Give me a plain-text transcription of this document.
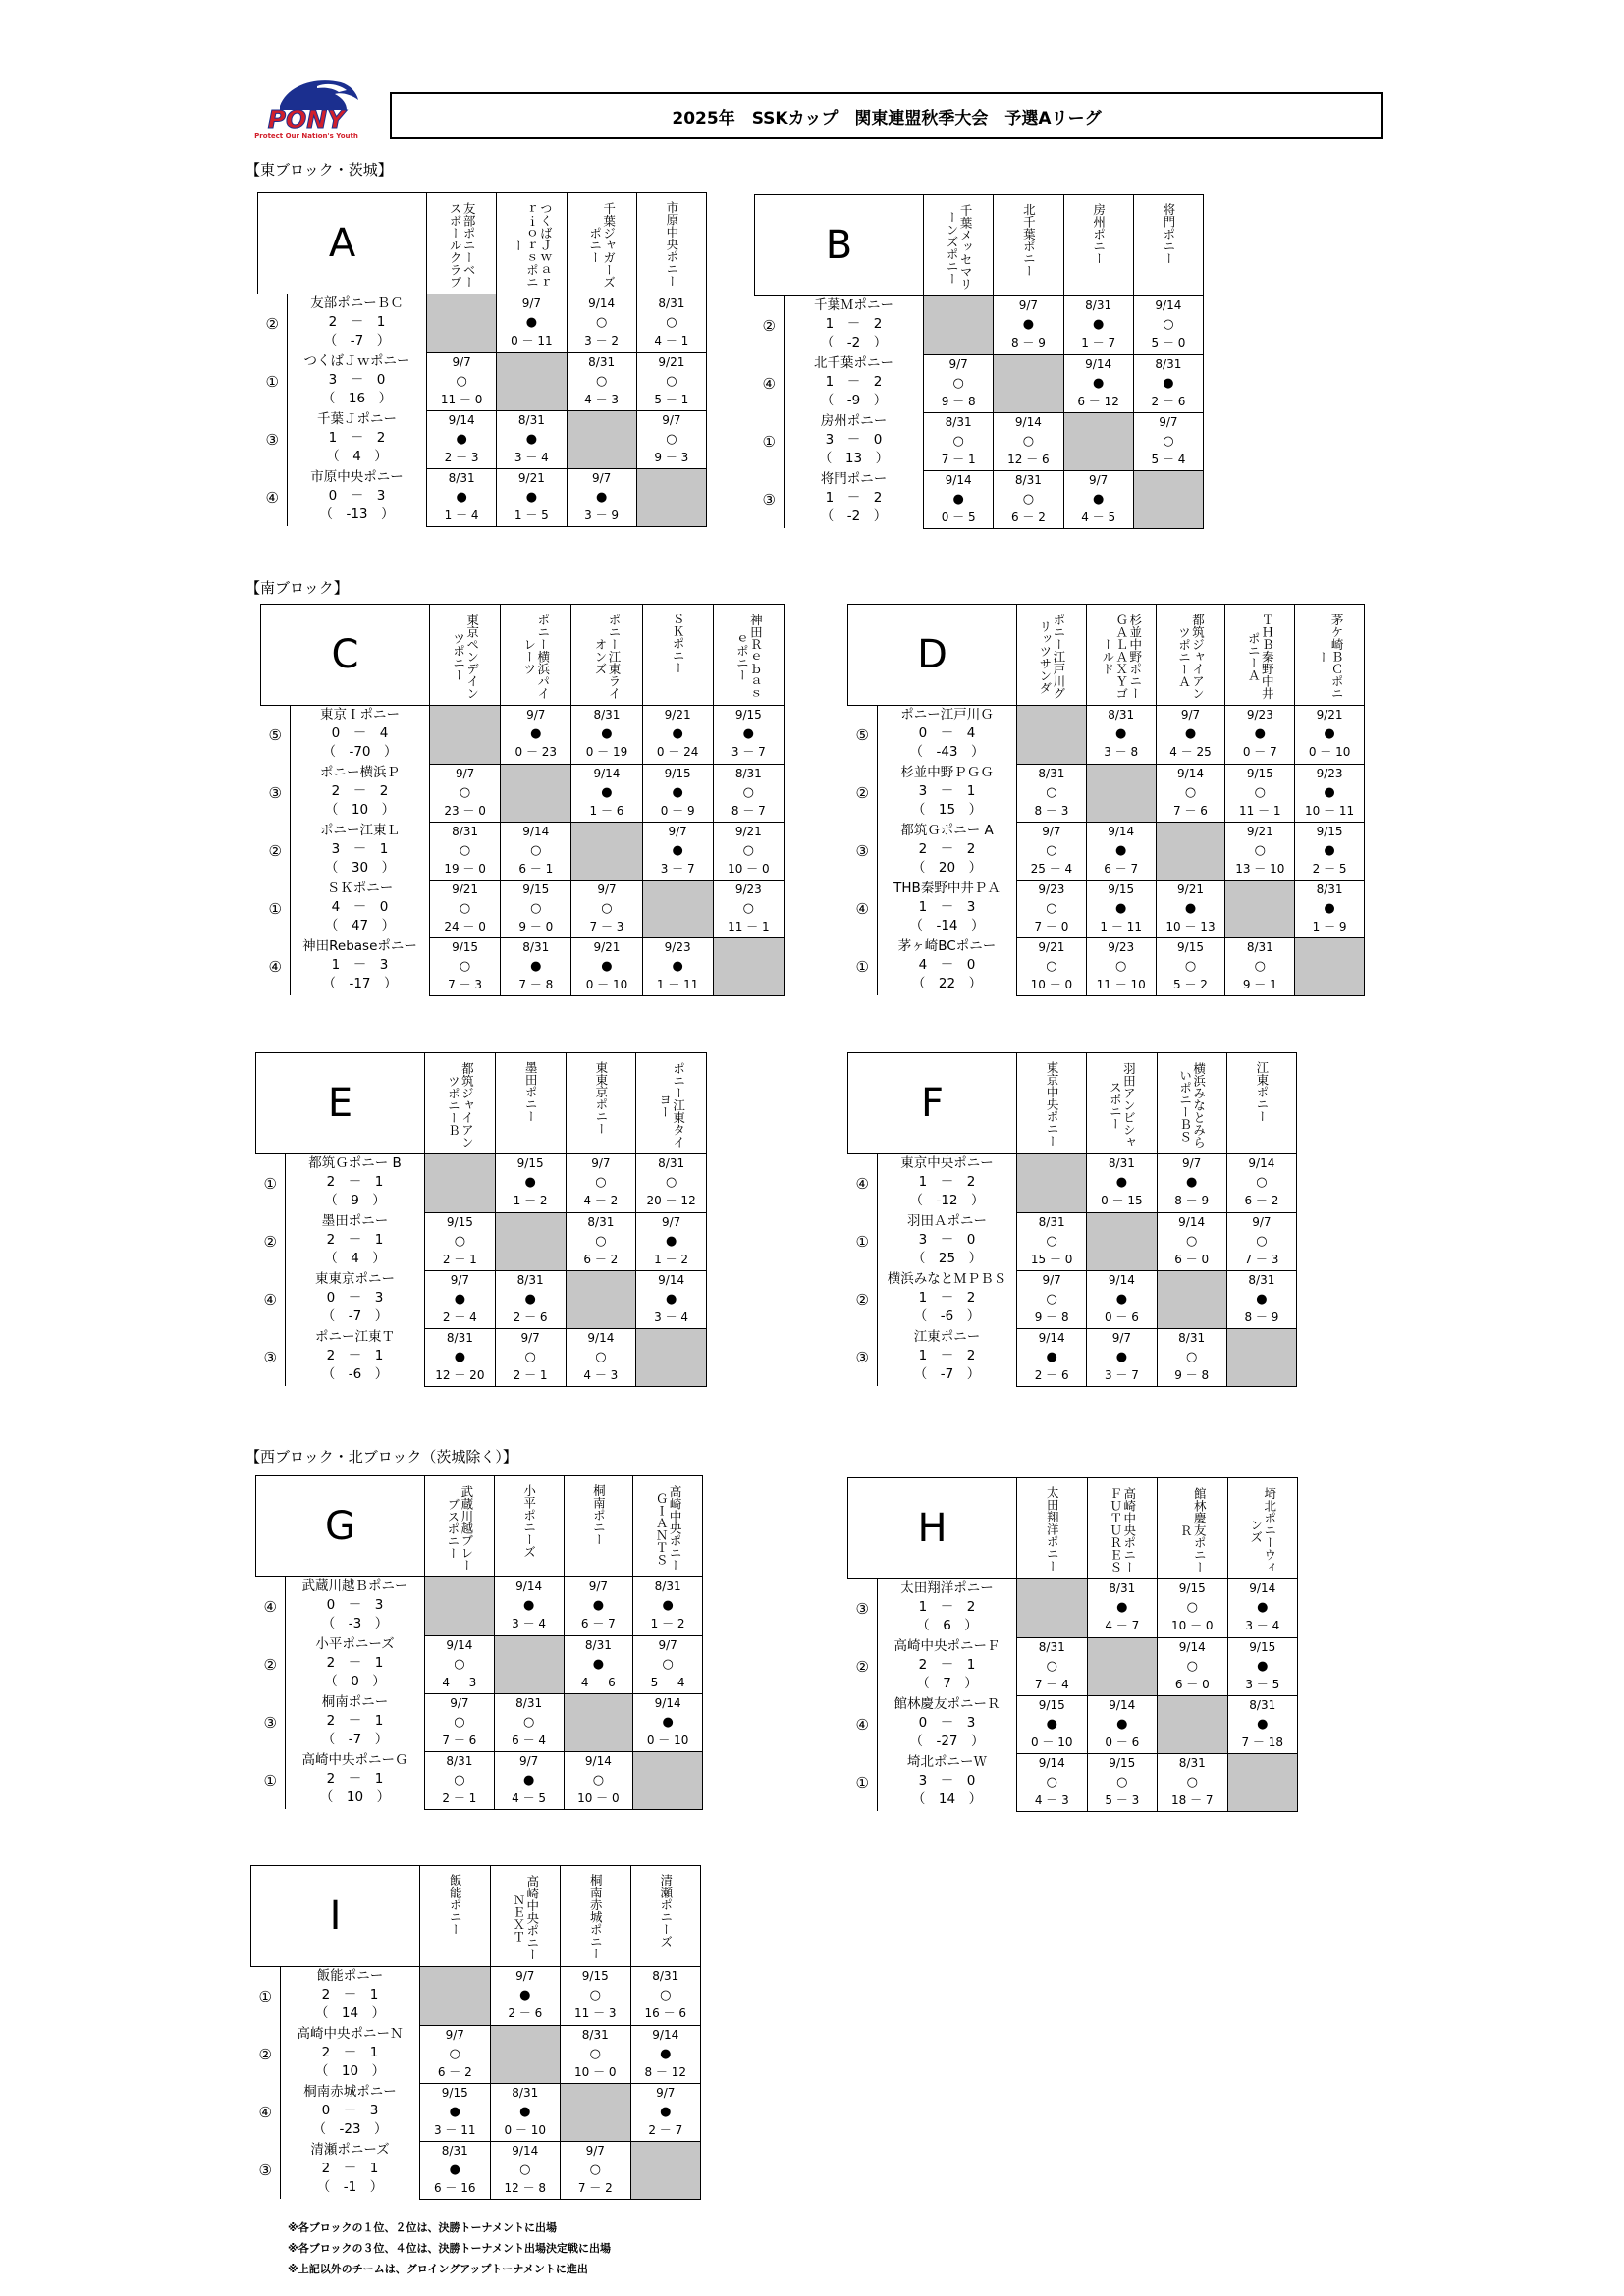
PONY
Protect Our Nation's Youth
2025年　SSKカップ　関東連盟秋季大会　予選Aリーグ
【東ブロック・茨城】
【南ブロック】
【西ブロック・北ブロック（茨城除く）】
A		友部ポニーベースボールクラブ	つくばＪｗａｒｒｉｏｒｓポニー	千葉ジャガーズポニー	市原中央ポニー
②	友部ポニーＢＣ
2　－　1
（　-7　）		9/7
●
0 － 11	9/14
○
3 － 2	8/31
○
4 － 1

①	つくばＪｗポニー
3　－　0
（　16　）	9/7
○
11 － 0		8/31
○
4 － 3	9/21
○
5 － 1

③	千葉Ｊポニー
1　－　2
（　4　）	9/14
●
2 － 3	8/31
●
3 － 4		9/7
○
9 － 3

④	市原中央ポニー
0　－　3
（　-13　）	8/31
●
1 － 4	9/21
●
1 － 5	9/7
●
3 － 9	

B		千葉メッセマリーンズポニー	北千葉ポニー	房州ポニー	将門ポニー
②	千葉Ｍポニー
1　－　2
（　-2　）		9/7
●
8 － 9	8/31
●
1 － 7	9/14
○
5 － 0

④	北千葉ポニー
1　－　2
（　-9　）	9/7
○
9 － 8		9/14
●
6 － 12	8/31
●
2 － 6

①	房州ポニー
3　－　0
（　13　）	8/31
○
7 － 1	9/14
○
12 － 6		9/7
○
5 － 4

③	将門ポニー
1　－　2
（　-2　）	9/14
●
0 － 5	8/31
○
6 － 2	9/7
●
4 － 5	

C		東京ペンデインツポニー	ポニー横浜パイレーツ	ポニー江東ライオンズ	ＳＫポニー	神田Ｒｅｂａｓｅポニー
⑤	東京Ｉポニー
0　－　4
（　-70　）		9/7
●
0 － 23	8/31
●
0 － 19	9/21
●
0 － 24	9/15
●
3 － 7

③	ポニー横浜Ｐ
2　－　2
（　10　）	9/7
○
23 － 0		9/14
●
1 － 6	9/15
●
0 － 9	8/31
○
8 － 7

②	ポニー江東Ｌ
3　－　1
（　30　）	8/31
○
19 － 0	9/14
○
6 － 1		9/7
●
3 － 7	9/21
○
10 － 0

①	ＳＫポニー
4　－　0
（　47　）	9/21
○
24 － 0	9/15
○
9 － 0	9/7
○
7 － 3		9/23
○
11 － 1

④	神田Rebaseポニー
1　－　3
（　-17　）	9/15
○
7 － 3	8/31
●
7 － 8	9/21
●
0 － 10	9/23
●
1 － 11	

D		ポニー江戸川グリッツサンダ	杉並中野ポニーＧＡＬＡＸＹゴールド	都筑ジャイアンツポニーＡ	ＴＨＢ秦野中井ポニーＡ	茅ケ崎ＢＣポニー
⑤	ポニー江戸川Ｇ
0　－　4
（　-43　）		8/31
●
3 － 8	9/7
●
4 － 25	9/23
●
0 － 7	9/21
●
0 － 10

②	杉並中野ＰＧＧ
3　－　1
（　15　）	8/31
○
8 － 3		9/14
○
7 － 6	9/15
○
11 － 1	9/23
●
10 － 11

③	都筑Ｇポニー A
2　－　2
（　20　）	9/7
○
25 － 4	9/14
●
6 － 7		9/21
○
13 － 10	9/15
●
2 － 5

④	THB秦野中井ＰＡ
1　－　3
（　-14　）	9/23
○
7 － 0	9/15
●
1 － 11	9/21
●
10 － 13		8/31
●
1 － 9

①	茅ヶ崎BCポニー
4　－　0
（　22　）	9/21
○
10 － 0	9/23
○
11 － 10	9/15
○
5 － 2	8/31
○
9 － 1	

E		都筑ジャイアンツポニーＢ	墨田ポニー	東東京ポニー	ポニー江東タイヨー
①	都筑Ｇポニー B
2　－　1
（　9　）		9/15
●
1 － 2	9/7
○
4 － 2	8/31
○
20 － 12

②	墨田ポニー
2　－　1
（　4　）	9/15
○
2 － 1		8/31
○
6 － 2	9/7
●
1 － 2

④	東東京ポニー
0　－　3
（　-7　）	9/7
●
2 － 4	8/31
●
2 － 6		9/14
●
3 － 4

③	ポニー江東Ｔ
2　－　1
（　-6　）	8/31
●
12 － 20	9/7
○
2 － 1	9/14
○
4 － 3	

F		東京中央ポニー	羽田アンビシャスポニー	横浜みなとみらいポニーＢＳ	江東ポニー
④	東京中央ポニー
1　－　2
（　-12　）		8/31
●
0 － 15	9/7
●
8 － 9	9/14
○
6 － 2

①	羽田Ａポニー
3　－　0
（　25　）	8/31
○
15 － 0		9/14
○
6 － 0	9/7
○
7 － 3

②	横浜みなとＭＰＢＳ
1　－　2
（　-6　）	9/7
○
9 － 8	9/14
●
0 － 6		8/31
●
8 － 9

③	江東ポニー
1　－　2
（　-7　）	9/14
●
2 － 6	9/7
●
3 － 7	8/31
○
9 － 8	

G		武蔵川越ブレーブスポニー	小平ポニーズ	桐南ポニー	高崎中央ポニーＧＩＡＮＴＳ
④	武蔵川越Ｂポニー
0　－　3
（　-3　）		9/14
●
3 － 4	9/7
●
6 － 7	8/31
●
1 － 2

②	小平ポニーズ
2　－　1
（　0　）	9/14
○
4 － 3		8/31
●
4 － 6	9/7
○
5 － 4

③	桐南ポニー
2　－　1
（　-7　）	9/7
○
7 － 6	8/31
○
6 － 4		9/14
●
0 － 10

①	高崎中央ポニーＧ
2　－　1
（　10　）	8/31
○
2 － 1	9/7
●
4 － 5	9/14
○
10 － 0	

H		太田翔洋ポニー	高崎中央ポニーＦＵＴＵＲＥＳ	館林慶友ポニーＲ	埼北ポニーウィンズ
③	太田翔洋ポニー
1　－　2
（　6　）		8/31
●
4 － 7	9/15
○
10 － 0	9/14
●
3 － 4

②	高崎中央ポニーＦ
2　－　1
（　7　）	8/31
○
7 － 4		9/14
○
6 － 0	9/15
●
3 － 5

④	館林慶友ポニーＲ
0　－　3
（　-27　）	9/15
●
0 － 10	9/14
●
0 － 6		8/31
●
7 － 18

①	埼北ポニーＷ
3　－　0
（　14　）	9/14
○
4 － 3	9/15
○
5 － 3	8/31
○
18 － 7	

I		飯能ポニー	高崎中央ポニーＮＥＸＴ	桐南赤城ポニー	清瀬ポニーズ
①	飯能ポニー
2　－　1
（　14　）		9/7
●
2 － 6	9/15
○
11 － 3	8/31
○
16 － 6

②	高崎中央ポニーＮ
2　－　1
（　10　）	9/7
○
6 － 2		8/31
○
10 － 0	9/14
●
8 － 12

④	桐南赤城ポニー
0　－　3
（　-23　）	9/15
●
3 － 11	8/31
●
0 － 10		9/7
●
2 － 7

③	清瀬ポニーズ
2　－　1
（　-1　）	8/31
●
6 － 16	9/14
○
12 － 8	9/7
○
7 － 2	

※各ブロックの１位、２位は、決勝トーナメントに出場
※各ブロックの３位、４位は、決勝トーナメント出場決定戦に出場
※上記以外のチームは、グロイングアップトーナメントに進出
